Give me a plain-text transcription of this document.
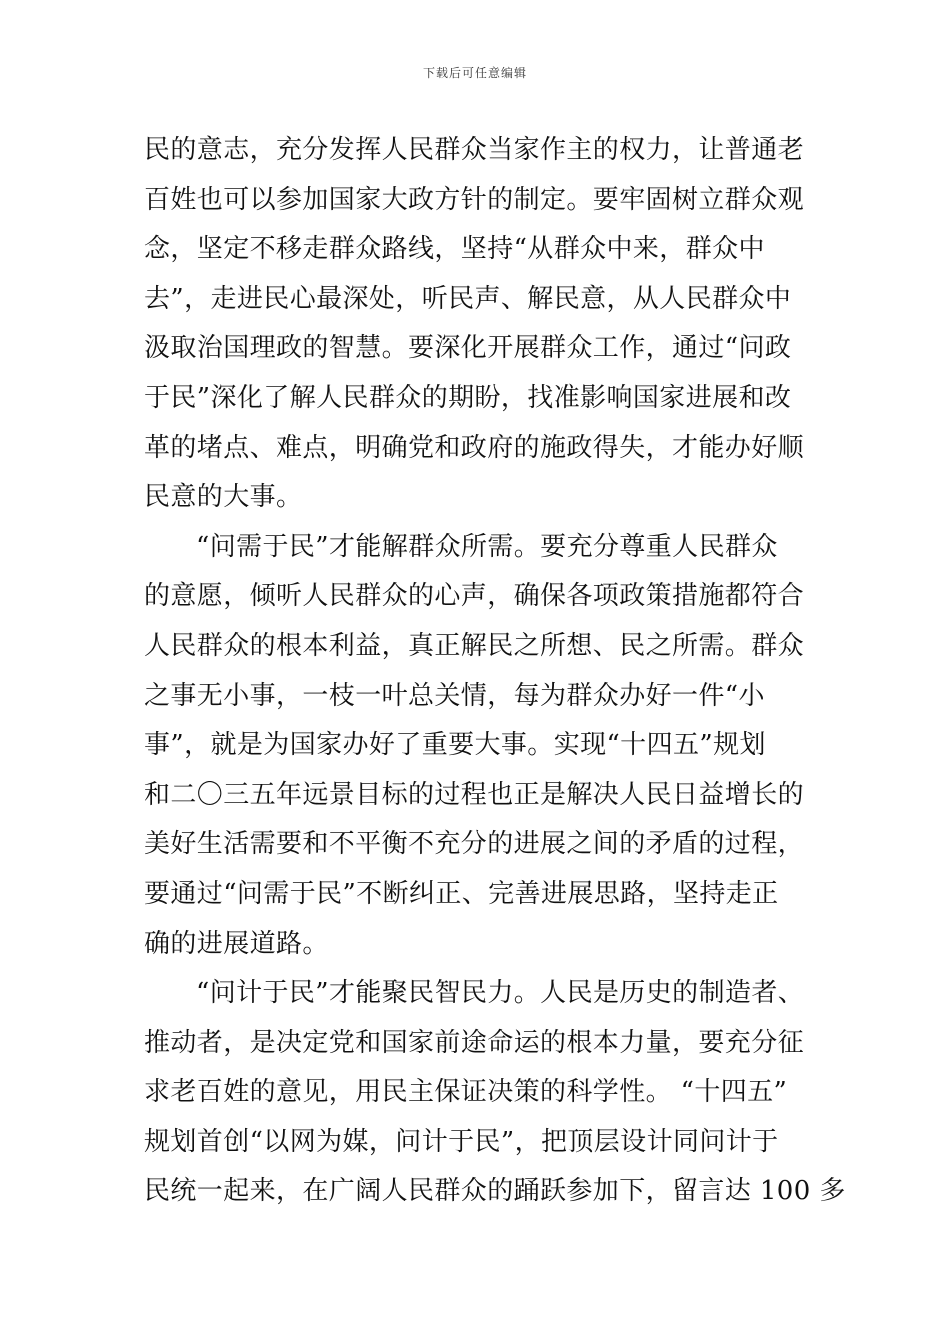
下载后可任意编辑
民的意志，充分发挥人民群众当家作主的权力，让普通老
百姓也可以参加国家大政方针的制定。要牢固树立群众观
念，坚定不移走群众路线，坚持“从群众中来，群众中
去”，走进民心最深处，听民声、解民意，从人民群众中
汲取治国理政的智慧。要深化开展群众工作，通过“问政
于民”深化了解人民群众的期盼，找准影响国家进展和改
革的堵点、难点，明确党和政府的施政得失，才能办好顺
民意的大事。
“问需于民”才能解群众所需。要充分尊重人民群众
的意愿，倾听人民群众的心声，确保各项政策措施都符合
人民群众的根本利益，真正解民之所想、民之所需。群众
之事无小事，一枝一叶总关情，每为群众办好一件“小
事”，就是为国家办好了重要大事。实现“十四五”规划
和二〇三五年远景目标的过程也正是解决人民日益增长的
美好生活需要和不平衡不充分的进展之间的矛盾的过程，
要通过“问需于民”不断纠正、完善进展思路，坚持走正
确的进展道路。
“问计于民”才能聚民智民力。人民是历史的制造者、
推动者，是决定党和国家前途命运的根本力量，要充分征
求老百姓的意见，用民主保证决策的科学性。 “十四五”
规划首创“以网为媒，问计于民”，把顶层设计同问计于
民统一起来，在广阔人民群众的踊跃参加下，留言达 100 多
